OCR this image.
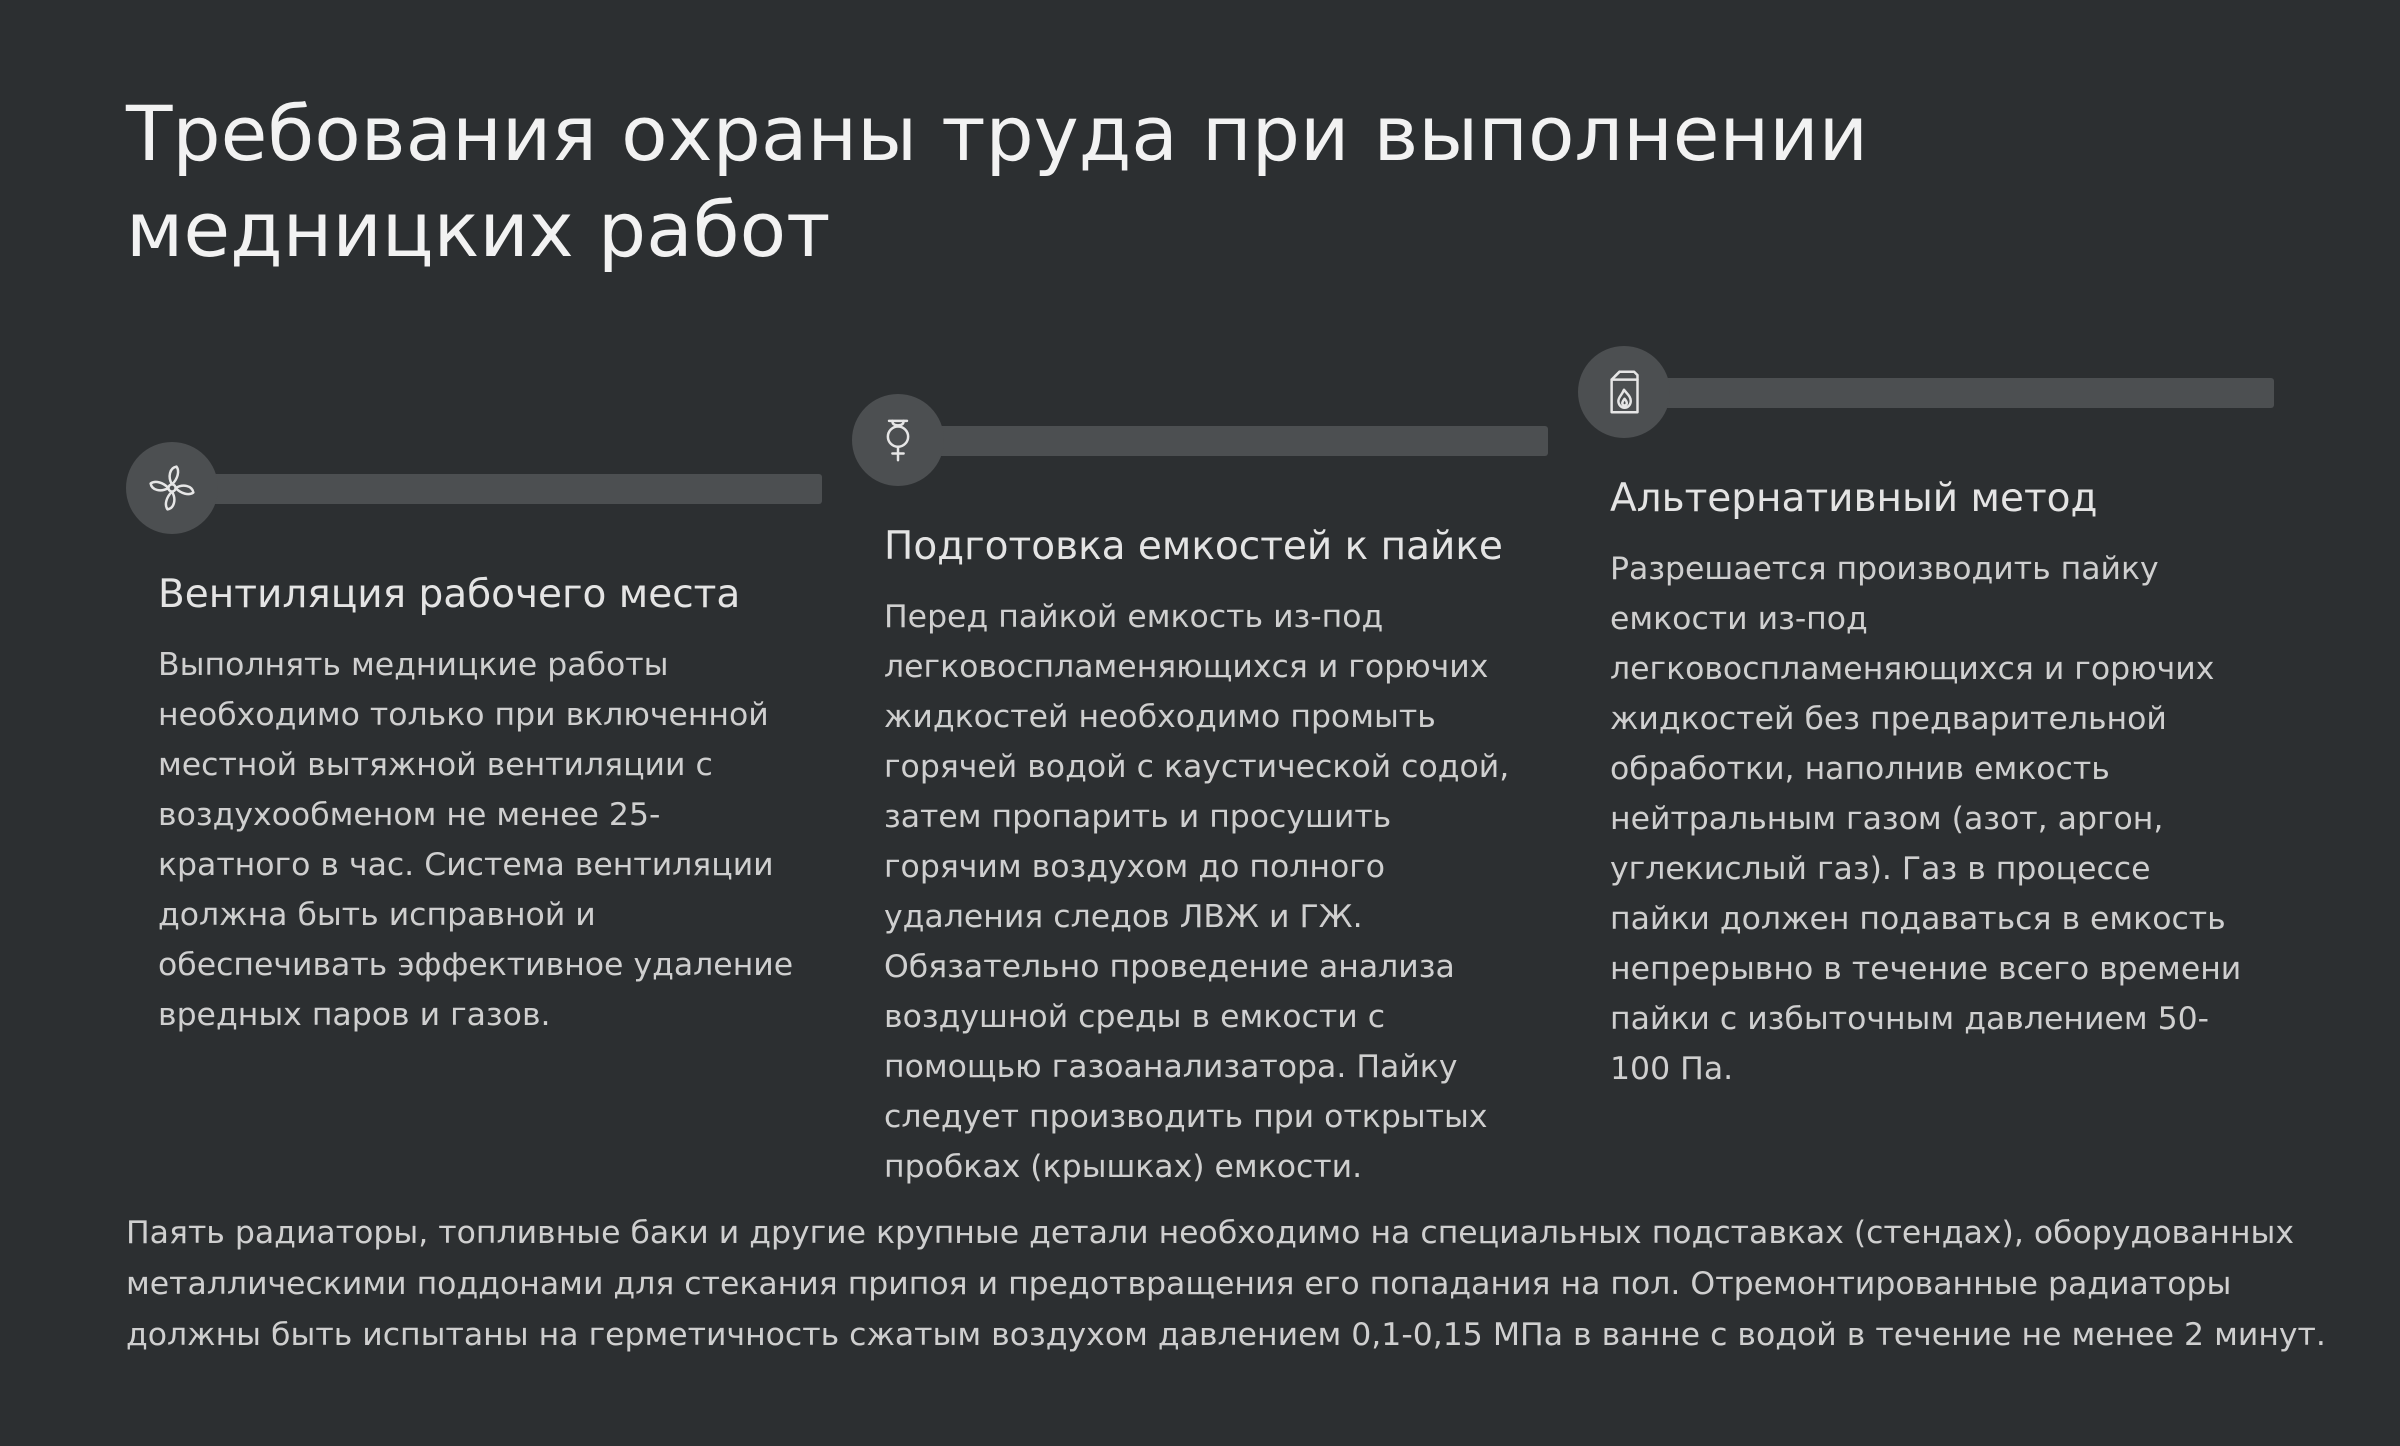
Требования охраны труда при выполнении медницких работ
Вентиляция рабочего места

Выполнять медницкие работы необходимо только при включенной местной вытяжной вентиляции с воздухообменом не менее 25-кратного в час. Система вентиляции должна быть исправной и обеспечивать эффективное удаление вредных паров и газов.

Подготовка емкостей к пайке

Перед пайкой емкость из-под легковоспламеняющихся и горючих жидкостей необходимо промыть горячей водой с каустической содой, затем пропарить и просушить горячим воздухом до полного удаления следов ЛВЖ и ГЖ. Обязательно проведение анализа воздушной среды в емкости с помощью газоанализатора. Пайку следует производить при открытых пробках (крышках) емкости.

Альтернативный метод

Разрешается производить пайку емкости из-под легковоспламеняющихся и горючих жидкостей без предварительной обработки, наполнив емкость нейтральным газом (азот, аргон, углекислый газ). Газ в процессе пайки должен подаваться в емкость непрерывно в течение всего времени пайки с избыточным давлением 50-100 Па.

Паять радиаторы, топливные баки и другие крупные детали необходимо на специальных подставках (стендах), оборудованных металлическими поддонами для стекания припоя и предотвращения его попадания на пол. Отремонтированные радиаторы должны быть испытаны на герметичность сжатым воздухом давлением 0,1-0,15 МПа в ванне с водой в течение не менее 2 минут.
